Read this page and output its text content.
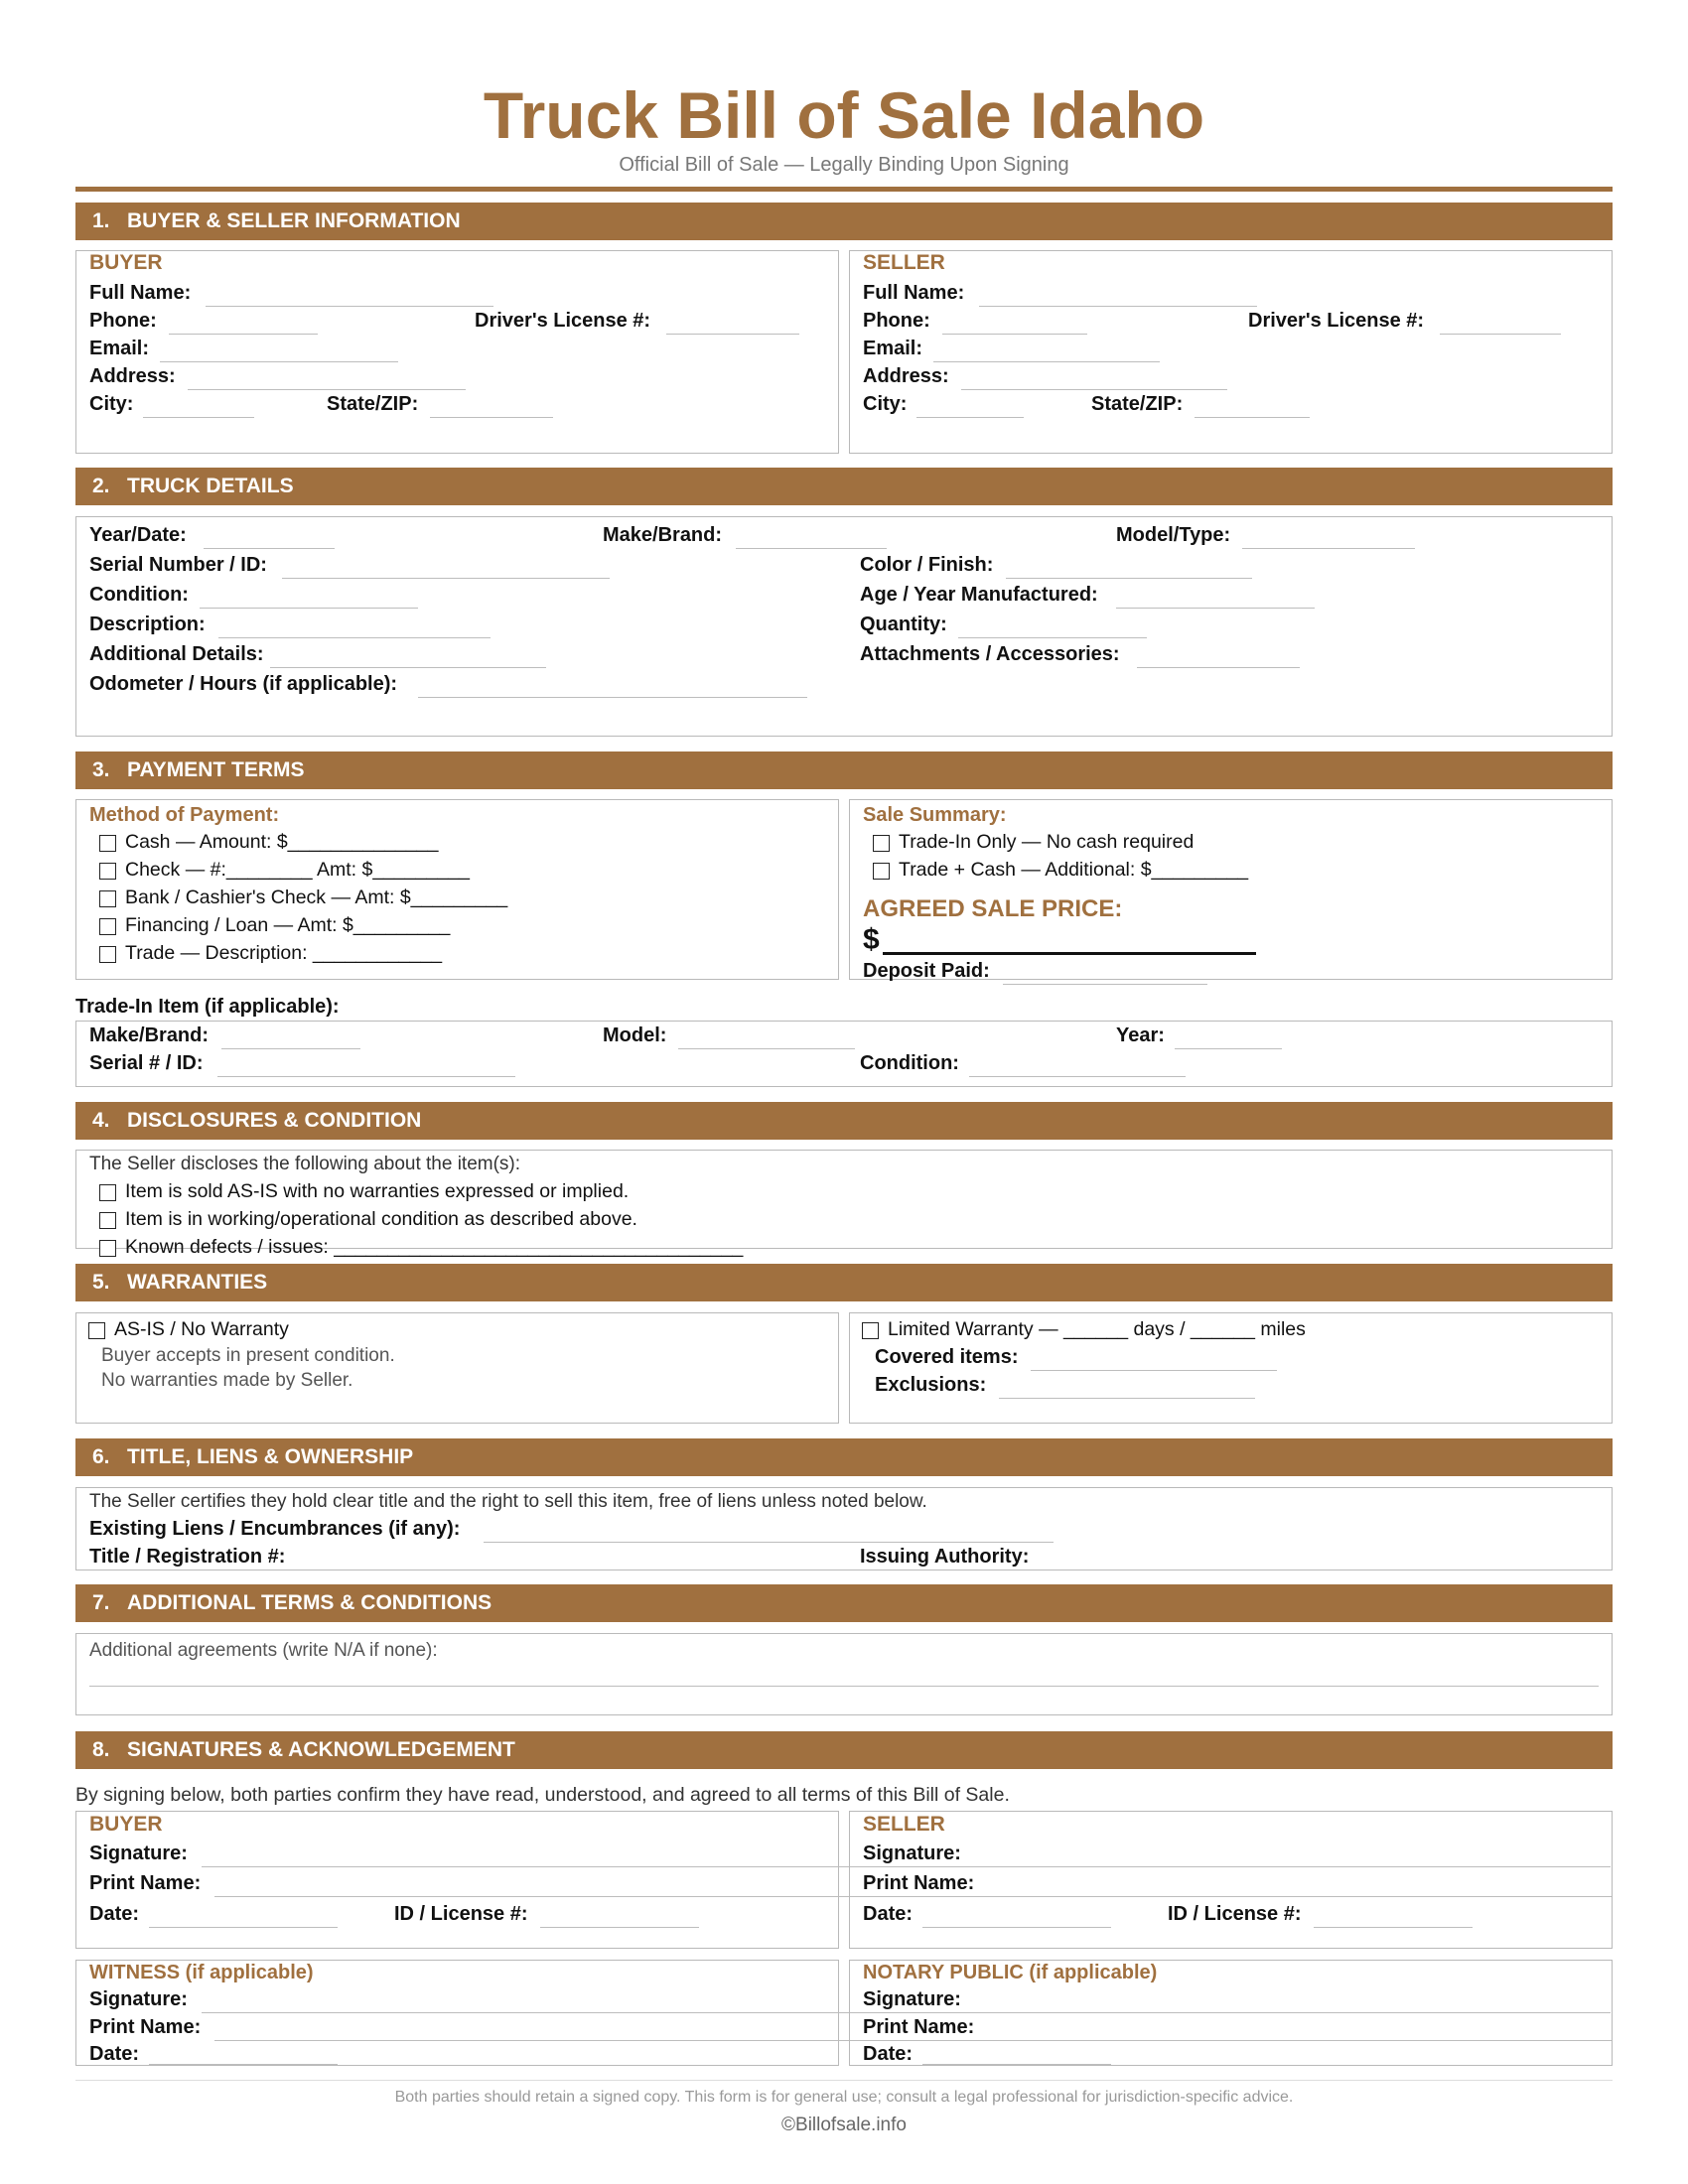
Truck Bill of Sale Idaho
Official Bill of Sale — Legally Binding Upon Signing
1. BUYER & SELLER INFORMATION
BUYER
Full Name:
Phone:	Driver's License #:
Email:
Address:
City:	State/ZIP:
SELLER
Full Name:
Phone:	Driver's License #:
Email:
Address:
City:	State/ZIP:
2. TRUCK DETAILS
Year/Date:	Make/Brand:	Model/Type:
Serial Number / ID:	Color / Finish:
Condition:	Age / Year Manufactured:
Description:	Quantity:
Additional Details:	Attachments / Accessories:
Odometer / Hours (if applicable):
3. PAYMENT TERMS
Method of Payment:
Cash — Amount: $______________
Check — #:________ Amt: $_________
Bank / Cashier's Check — Amt: $_________
Financing / Loan — Amt: $_________
Trade — Description: ____________
Sale Summary:
Trade-In Only — No cash required
Trade + Cash — Additional: $_________
AGREED SALE PRICE:
$
Deposit Paid:
Trade-In Item (if applicable):
Make/Brand:	Model:	Year:
Serial # / ID:	Condition:
4. DISCLOSURES & CONDITION
The Seller discloses the following about the item(s):
Item is sold AS-IS with no warranties expressed or implied.
Item is in working/operational condition as described above.
Known defects / issues: ______________________________________
5. WARRANTIES
AS-IS / No Warranty
Buyer accepts in present condition.
No warranties made by Seller.
Limited Warranty — ______ days / ______ miles
Covered items:
Exclusions:
6. TITLE, LIENS & OWNERSHIP
The Seller certifies they hold clear title and the right to sell this item, free of liens unless noted below.
Existing Liens / Encumbrances (if any):
Title / Registration #:	Issuing Authority:
7. ADDITIONAL TERMS & CONDITIONS
Additional agreements (write N/A if none):
8. SIGNATURES & ACKNOWLEDGEMENT
By signing below, both parties confirm they have read, understood, and agreed to all terms of this Bill of Sale.
BUYER
Signature:
Print Name:
Date:	ID / License #:
SELLER
Signature:
Print Name:
Date:	ID / License #:
WITNESS (if applicable)
Signature:
Print Name:
Date:
NOTARY PUBLIC (if applicable)
Signature:
Print Name:
Date:
Both parties should retain a signed copy. This form is for general use; consult a legal professional for jurisdiction-specific advice.
©Billofsale.info
